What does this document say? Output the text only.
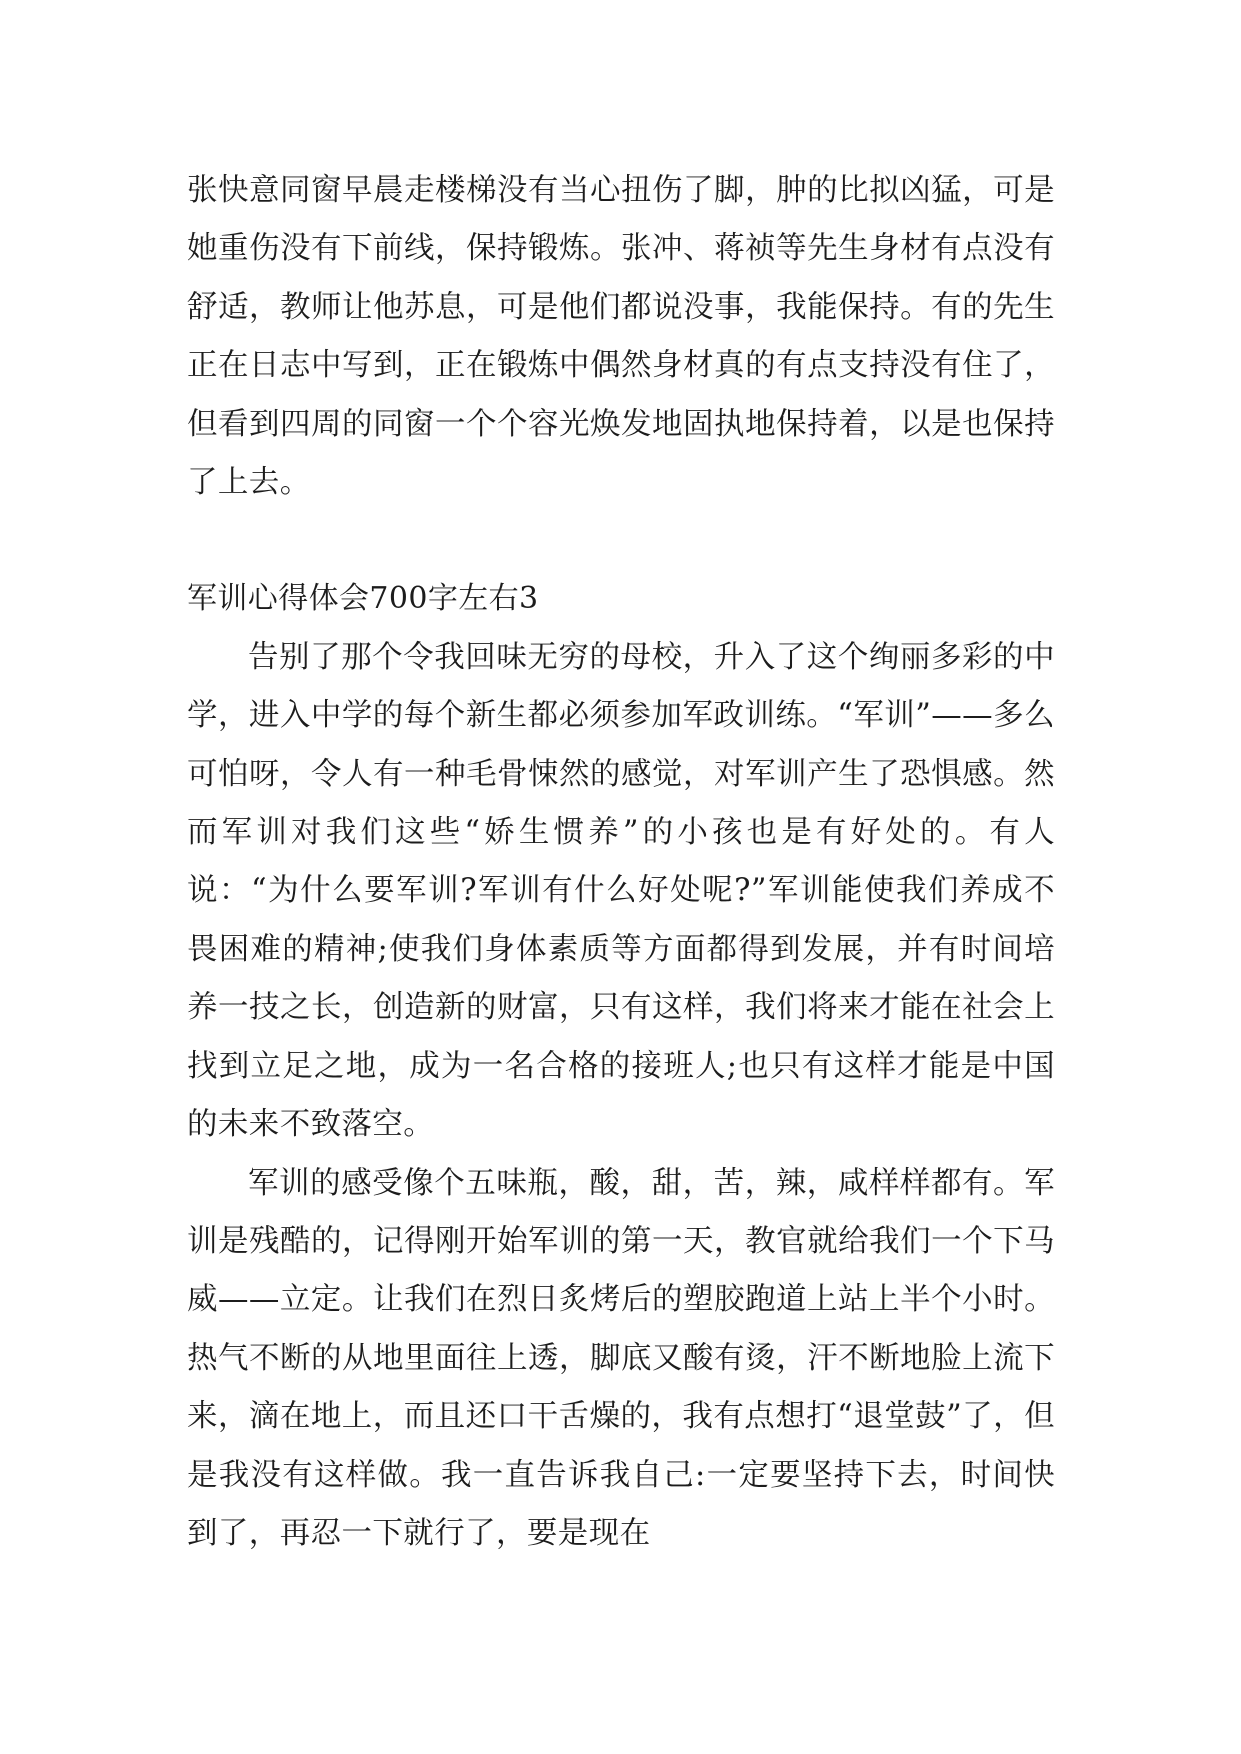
张快意同窗早晨走楼梯没有当心扭伤了脚，肿的比拟凶猛，可是她重伤没有下前线，保持锻炼。张冲、蒋祯等先生身材有点没有舒适，教师让他苏息，可是他们都说没事，我能保持。有的先生正在日志中写到，正在锻炼中偶然身材真的有点支持没有住了，但看到四周的同窗一个个容光焕发地固执地保持着，以是也保持了上去。

军训心得体会700字左右3

告别了那个令我回味无穷的母校，升入了这个绚丽多彩的中学，进入中学的每个新生都必须参加军政训练。“军训”——多么可怕呀，令人有一种毛骨悚然的感觉，对军训产生了恐惧感。然而军训对我们这些“娇生惯养”的小孩也是有好处的。有人说：“为什么要军训?军训有什么好处呢?”军训能使我们养成不畏困难的精神;使我们身体素质等方面都得到发展，并有时间培养一技之长，创造新的财富，只有这样，我们将来才能在社会上找到立足之地，成为一名合格的接班人;也只有这样才能是中国的未来不致落空。

军训的感受像个五味瓶，酸，甜，苦，辣，咸样样都有。军训是残酷的，记得刚开始军训的第一天，教官就给我们一个下马威——立定。让我们在烈日炙烤后的塑胶跑道上站上半个小时。热气不断的从地里面往上透，脚底又酸有烫，汗不断地脸上流下来，滴在地上，而且还口干舌燥的，我有点想打“退堂鼓”了，但是我没有这样做。我一直告诉我自己:一定要坚持下去，时间快到了，再忍一下就行了，要是现在
